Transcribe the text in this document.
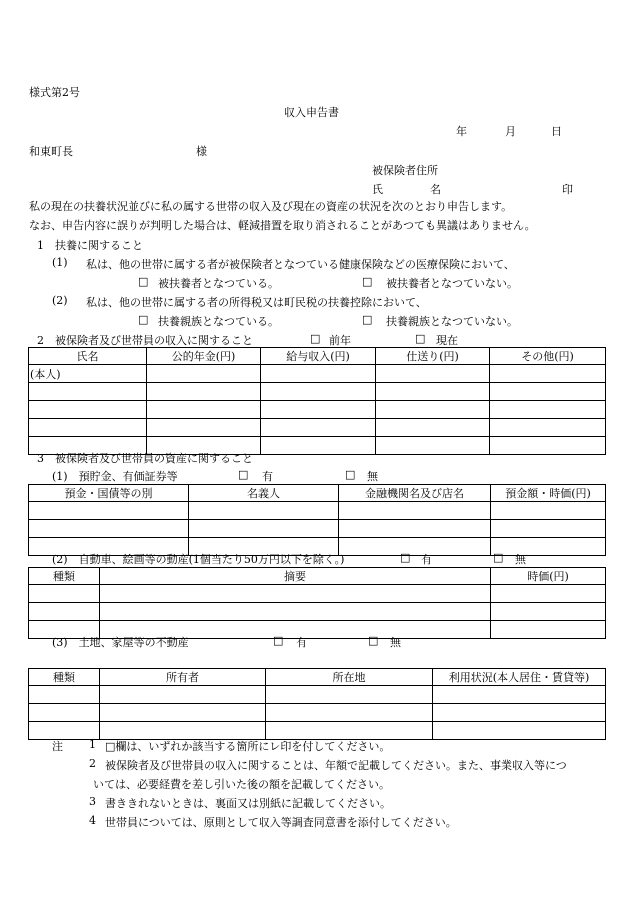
様式第2号
収入申告書
年	月	日
和東町長	様
被保険者住所
氏	名	印
私の現在の扶養状況並びに私の属する世帯の収入及び現在の資産の状況を次のとおり申告します。
なお、申告内容に誤りが判明した場合は、軽減措置を取り消されることがあつても異議はありません。
1　扶養に関すること
(1) 私は、他の世帯に属する者が被保険者となつている健康保険などの医療保険において、
□ 被扶養者となつている。	□ 被扶養者となつていない。
(2) 私は、他の世帯に属する者の所得税又は町民税の扶養控除において、
□ 扶養親族となつている。	□ 扶養親族となつていない。
2　被保険者及び世帯員の収入に関すること	□ 前年	□ 現在
氏名	公的年金(円)	給与収入(円)	仕送り(円)	その他(円)
(本人)				

3　被保険者及び世帯員の資産に関すること
(1)　預貯金、有価証券等	□ 有	□ 無
預金・国債等の別	名義人	金融機関名及び店名	預金額・時価(円)

(2)　自動車、絵画等の動産(1個当たり50万円以下を除く。)	□ 有	□ 無
種類	摘要	時価(円)

(3)　土地、家屋等の不動産	□ 有	□ 無
種類	所有者	所在地	利用状況(本人居住・賃貸等)

注 1 □欄は、いずれか該当する箇所にレ印を付してください。
2 被保険者及び世帯員の収入に関することは、年額で記載してください。また、事業収入等につ
いては、必要経費を差し引いた後の額を記載してください。
3 書ききれないときは、裏面又は別紙に記載してください。
4 世帯員については、原則として収入等調査同意書を添付してください。
